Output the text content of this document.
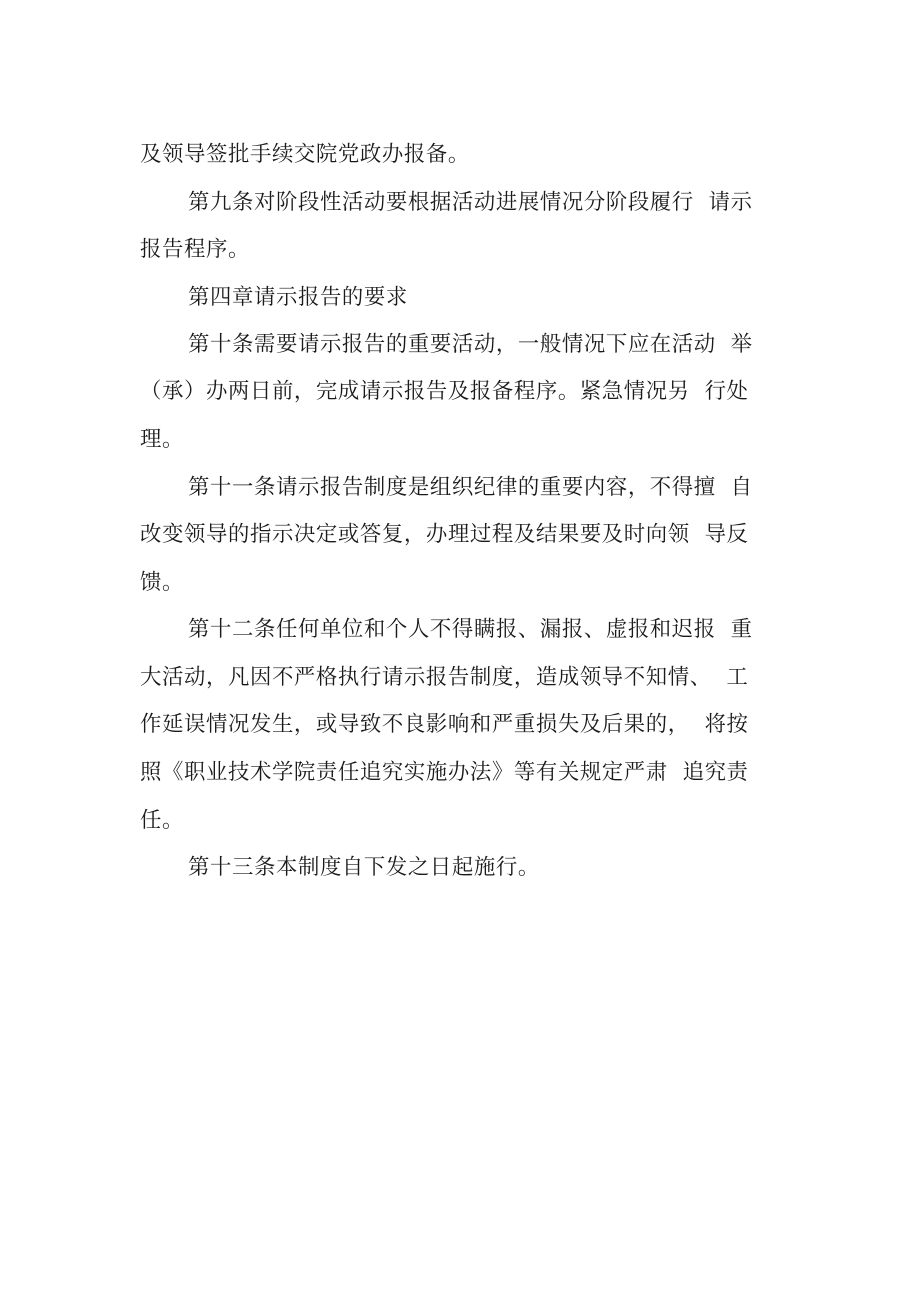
及领导签批手续交院党政办报备。
第九条对阶段性活动要根据活动进展情况分阶段履行  请示
报告程序。
第四章请示报告的要求
第十条需要请示报告的重要活动，一般情况下应在活动  举
（承）办两日前，完成请示报告及报备程序。紧急情况另  行处
理。
第十一条请示报告制度是组织纪律的重要内容，不得擅  自
改变领导的指示决定或答复，办理过程及结果要及时向领  导反
馈。
第十二条任何单位和个人不得瞒报、漏报、虚报和迟报  重
大活动，凡因不严格执行请示报告制度，造成领导不知情、  工
作延误情况发生，或导致不良影响和严重损失及后果的，  将按
照《职业技术学院责任追究实施办法》等有关规定严肃  追究责
任。
第十三条本制度自下发之日起施行。
